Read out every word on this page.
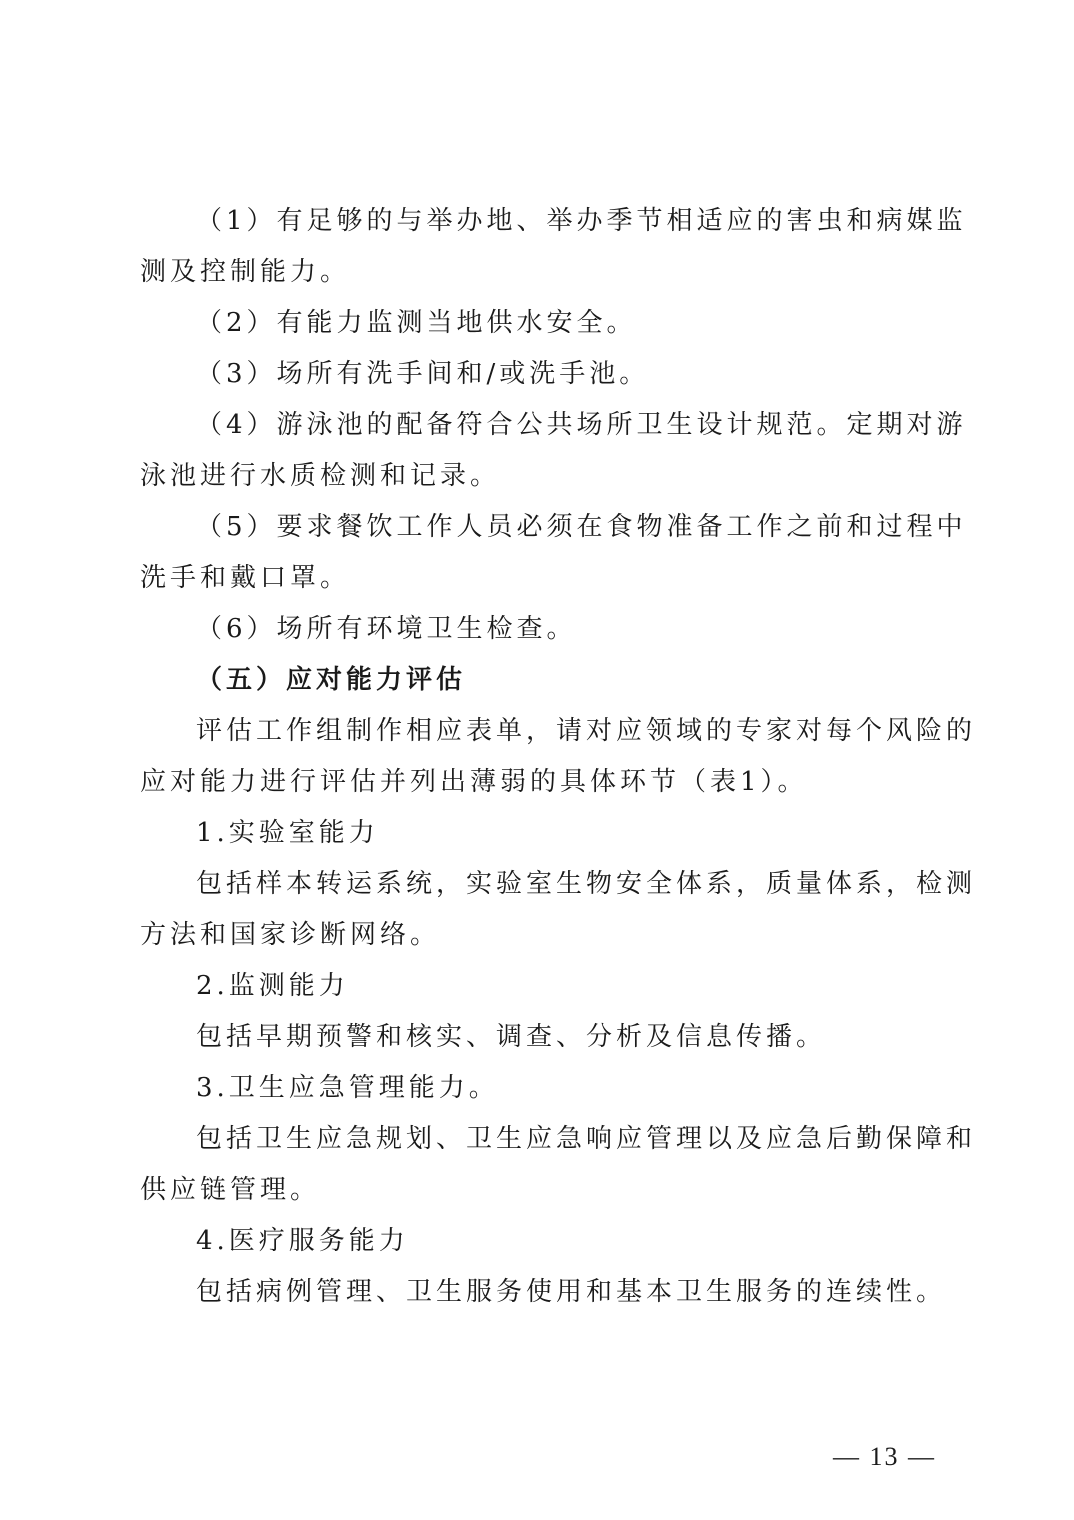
（1）有足够的与举办地、举办季节相适应的害虫和病媒监

测及控制能力。

（2）有能力监测当地供水安全。

（3）场所有洗手间和/或洗手池。

（4）游泳池的配备符合公共场所卫生设计规范。定期对游

泳池进行水质检测和记录。

（5）要求餐饮工作人员必须在食物准备工作之前和过程中

洗手和戴口罩。

（6）场所有环境卫生检查。

（五）应对能力评估

评估工作组制作相应表单，请对应领域的专家对每个风险的

应对能力进行评估并列出薄弱的具体环节（表1）。

1.实验室能力

包括样本转运系统，实验室生物安全体系，质量体系，检测

方法和国家诊断网络。

2.监测能力

包括早期预警和核实、调查、分析及信息传播。

3.卫生应急管理能力。

包括卫生应急规划、卫生应急响应管理以及应急后勤保障和

供应链管理。

4.医疗服务能力

包括病例管理、卫生服务使用和基本卫生服务的连续性。

— 13 —
